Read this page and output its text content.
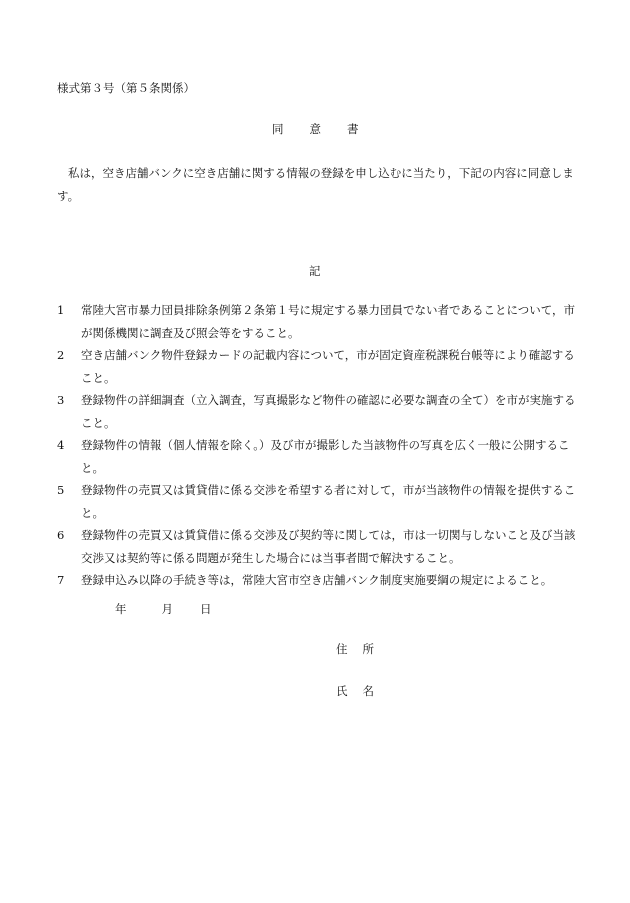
様式第３号（第５条関係）
同 意 書
私は，空き店舗バンクに空き店舗に関する情報の登録を申し込むに当たり，下記の内容に同意します。
記
1	常陸大宮市暴力団員排除条例第２条第１号に規定する暴力団員でない者であることについて，市が関係機関に調査及び照会等をすること。
2	空き店舗バンク物件登録カードの記載内容について，市が固定資産税課税台帳等により確認すること。
3	登録物件の詳細調査（立入調査，写真撮影など物件の確認に必要な調査の全て）を市が実施すること。
4	登録物件の情報（個人情報を除く。）及び市が撮影した当該物件の写真を広く一般に公開すること。
5	登録物件の売買又は賃貸借に係る交渉を希望する者に対して，市が当該物件の情報を提供すること。
6	登録物件の売買又は賃貸借に係る交渉及び契約等に関しては，市は一切関与しないこと及び当該交渉又は契約等に係る問題が発生した場合には当事者間で解決すること。
7	登録申込み以降の手続き等は，常陸大宮市空き店舗バンク制度実施要綱の規定によること。
年	月 日
住 所
氏 名
